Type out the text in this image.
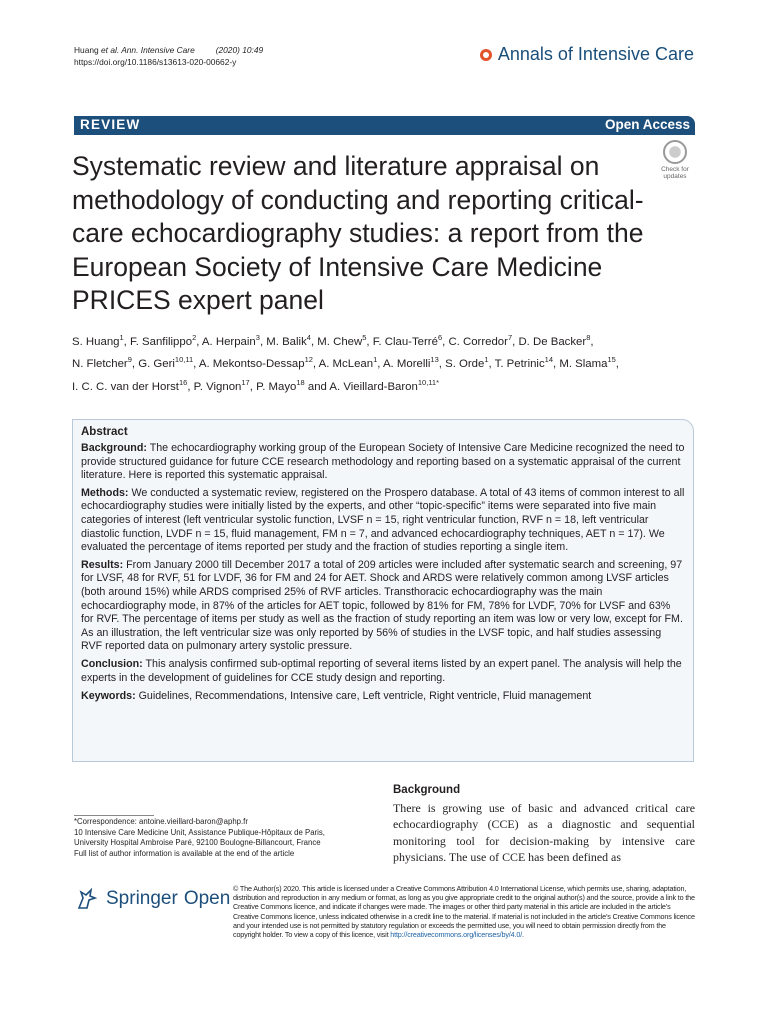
Huang et al. Ann. Intensive Care (2020) 10:49
https://doi.org/10.1186/s13613-020-00662-y	Annals of Intensive Care
REVIEW	Open Access
Systematic review and literature appraisal on methodology of conducting and reporting critical-care echocardiography studies: a report from the European Society of Intensive Care Medicine PRICES expert panel
Check for
updates
S. Huang$^1$, F. Sanfilippo$^2$, A. Herpain$^3$, M. Balik$^4$, M. Chew$^5$, F. Clau-Terré$^6$, C. Corredor$^7$, D. De Backer$^8$,
N. Fletcher$^9$, G. Geri$^{10,11}$, A. Mekontso-Dessap$^{12}$, A. McLean$^1$, A. Morelli$^{13}$, S. Orde$^1$, T. Petrinic$^{14}$, M. Slama$^{15}$,
I. C. C. van der Horst$^{16}$, P. Vignon$^{17}$, P. Mayo$^{18}$ and A. Vieillard-Baron$^{10,11*}$
Abstract

Background: The echocardiography working group of the European Society of Intensive Care Medicine recognized the need to provide structured guidance for future CCE research methodology and reporting based on a systematic appraisal of the current literature. Here is reported this systematic appraisal.

Methods: We conducted a systematic review, registered on the Prospero database. A total of 43 items of common interest to all echocardiography studies were initially listed by the experts, and other “topic-specific” items were separated into five main categories of interest (left ventricular systolic function, LVSF n = 15, right ventricular function, RVF n = 18, left ventricular diastolic function, LVDF n = 15, fluid management, FM n = 7, and advanced echocardiography techniques, AET n = 17). We evaluated the percentage of items reported per study and the fraction of studies reporting a single item.

Results: From January 2000 till December 2017 a total of 209 articles were included after systematic search and screening, 97 for LVSF, 48 for RVF, 51 for LVDF, 36 for FM and 24 for AET. Shock and ARDS were relatively common among LVSF articles (both around 15%) while ARDS comprised 25% of RVF articles. Transthoracic echocardiography was the main echocardiography mode, in 87% of the articles for AET topic, followed by 81% for FM, 78% for LVDF, 70% for LVSF and 63% for RVF. The percentage of items per study as well as the fraction of study reporting an item was low or very low, except for FM. As an illustration, the left ventricular size was only reported by 56% of studies in the LVSF topic, and half studies assessing RVF reported data on pulmonary artery systolic pressure.

Conclusion: This analysis confirmed sub-optimal reporting of several items listed by an expert panel. The analysis will help the experts in the development of guidelines for CCE study design and reporting.

Keywords: Guidelines, Recommendations, Intensive care, Left ventricle, Right ventricle, Fluid management
*Correspondence: antoine.vieillard-baron@aphp.fr
10 Intensive Care Medicine Unit, Assistance Publique-Hôpitaux de Paris,
University Hospital Ambroise Paré, 92100 Boulogne-Billancourt, France
Full list of author information is available at the end of the article
Background
There is growing use of basic and advanced critical care echocardiography (CCE) as a diagnostic and sequential monitoring tool for decision-making by intensive care physicians. The use of CCE has been defined as
Springer Open © The Author(s) 2020. This article is licensed under a Creative Commons Attribution 4.0 International License, which permits use, sharing, adaptation, distribution and reproduction in any medium or format, as long as you give appropriate credit to the original author(s) and the source, provide a link to the Creative Commons licence, and indicate if changes were made. The images or other third party material in this article are included in the article’s Creative Commons licence, unless indicated otherwise in a credit line to the material. If material is not included in the article’s Creative Commons licence and your intended use is not permitted by statutory regulation or exceeds the permitted use, you will need to obtain permission directly from the copyright holder. To view a copy of this licence, visit http://creativecommons.org/licenses/by/4.0/.
